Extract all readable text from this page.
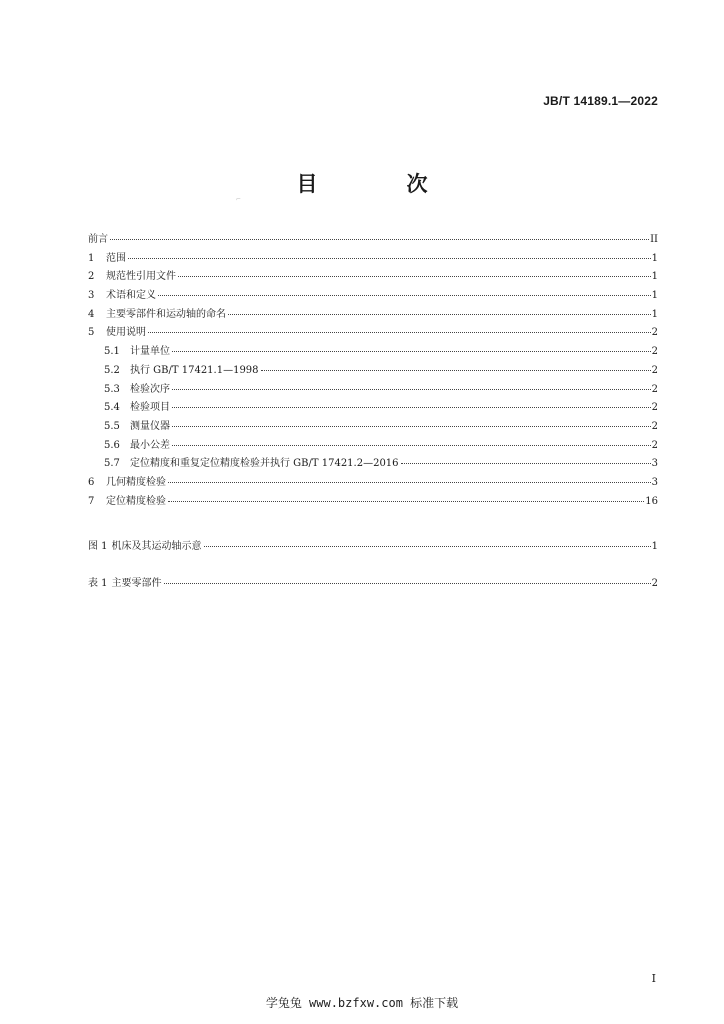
JB/T 14189.1—2022
目　次
⌐
前言	II
1	范围	1
2	规范性引用文件	1
3	术语和定义	1
4	主要零部件和运动轴的命名	1
5	使用说明	2
5.1	计量单位	2
5.2	执行 GB/T 17421.1—1998	2
5.3	检验次序	2
5.4	检验项目	2
5.5	测量仪器	2
5.6	最小公差	2
5.7	定位精度和重复定位精度检验并执行 GB/T 17421.2—2016	3
6	几何精度检验	3
7	定位精度检验	16
图 1 机床及其运动轴示意	1
表 1 主要零部件	2
I
学兔兔 www.bzfxw.com 标准下载
